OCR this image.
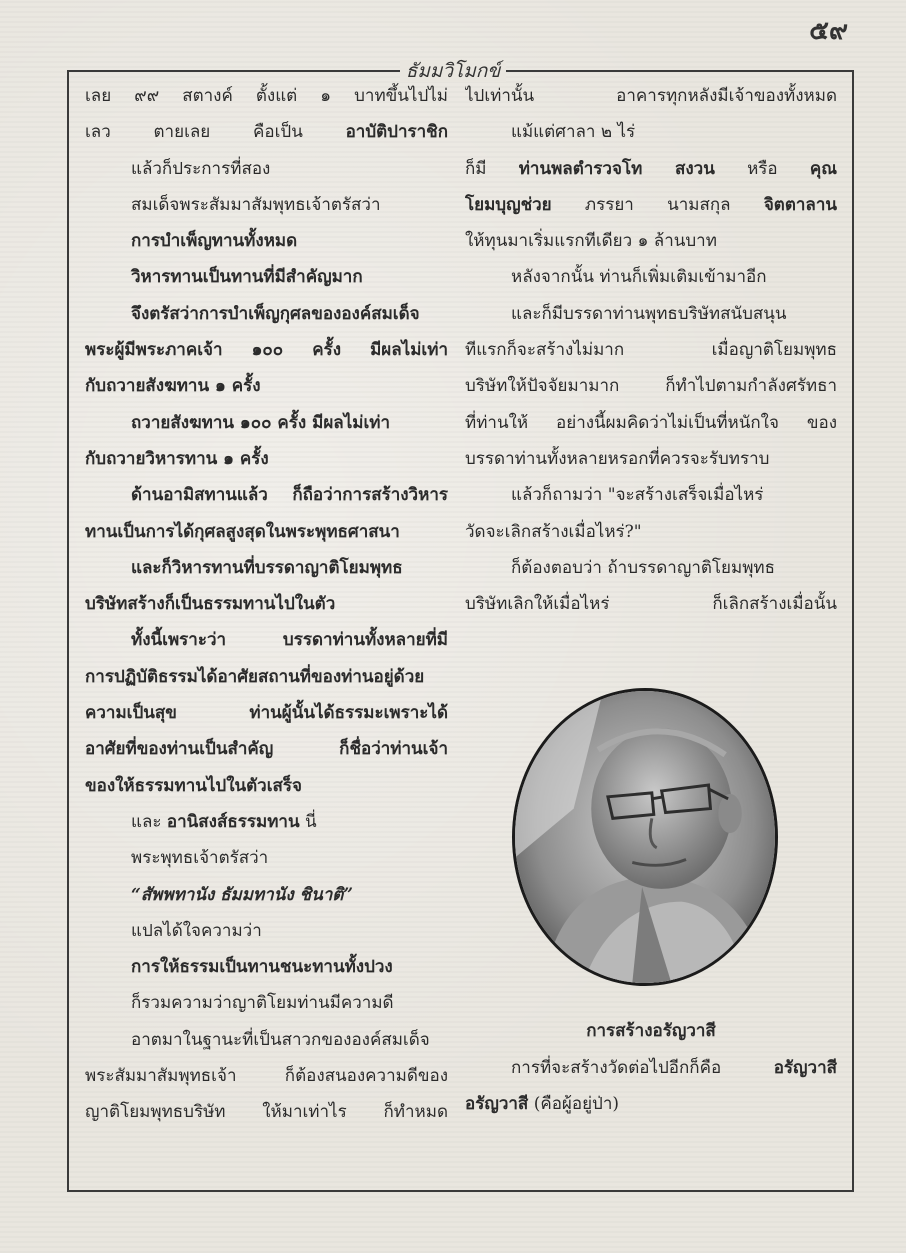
๕๙
ธัมมวิโมกข์
เลย ๙๙ สตางค์ ตั้งแต่ ๑ บาทขึ้นไปไม่
เลว ตายเลย คือเป็น อาบัติปาราชิก
แล้วก็ประการที่สอง
สมเด็จพระสัมมาสัมพุทธเจ้าตรัสว่า
การบำเพ็ญทานทั้งหมด
วิหารทานเป็นทานที่มีสำคัญมาก
จึงตรัสว่าการบำเพ็ญกุศลขององค์สมเด็จ
พระผู้มีพระภาคเจ้า ๑๐๐ ครั้ง มีผลไม่เท่า
กับถวายสังฆทาน ๑ ครั้ง
ถวายสังฆทาน ๑๐๐ ครั้ง มีผลไม่เท่า
กับถวายวิหารทาน ๑ ครั้ง
ด้านอามิสทานแล้ว ก็ถือว่าการสร้างวิหาร
ทานเป็นการได้กุศลสูงสุดในพระพุทธศาสนา
และก็วิหารทานที่บรรดาญาติโยมพุทธ
บริษัทสร้างก็เป็นธรรมทานไปในตัว
ทั้งนี้เพราะว่า บรรดาท่านทั้งหลายที่มี
การปฏิบัติธรรมได้อาศัยสถานที่ของท่านอยู่ด้วย
ความเป็นสุข ท่านผู้นั้นได้ธรรมะเพราะได้
อาศัยที่ของท่านเป็นสำคัญ ก็ชื่อว่าท่านเจ้า
ของให้ธรรมทานไปในตัวเสร็จ
และ อานิสงส์ธรรมทาน นี่
พระพุทธเจ้าตรัสว่า
“สัพพทานัง ธัมมทานัง ชินาติ”
แปลได้ใจความว่า
การให้ธรรมเป็นทานชนะทานทั้งปวง
ก็รวมความว่าญาติโยมท่านมีความดี
อาตมาในฐานะที่เป็นสาวกขององค์สมเด็จ
พระสัมมาสัมพุทธเจ้า ก็ต้องสนองความดีของ
ญาติโยมพุทธบริษัท ให้มาเท่าไร ก็ทำหมด
ไปเท่านั้น อาคารทุกหลังมีเจ้าของทั้งหมด
แม้แต่ศาลา ๒ ไร่
ก็มี ท่านพลตำรวจโท สงวน หรือ คุณ
โยมบุญช่วย ภรรยา นามสกุล จิตตาลาน
ให้ทุนมาเริ่มแรกทีเดียว ๑ ล้านบาท
หลังจากนั้น ท่านก็เพิ่มเติมเข้ามาอีก
และก็มีบรรดาท่านพุทธบริษัทสนับสนุน
ทีแรกก็จะสร้างไม่มาก เมื่อญาติโยมพุทธ
บริษัทให้ปัจจัยมามาก ก็ทำไปตามกำลังศรัทธา
ที่ท่านให้ อย่างนี้ผมคิดว่าไม่เป็นที่หนักใจ ของ
บรรดาท่านทั้งหลายหรอกที่ควรจะรับทราบ
แล้วก็ถามว่า "จะสร้างเสร็จเมื่อไหร่
วัดจะเลิกสร้างเมื่อไหร่?"
ก็ต้องตอบว่า ถ้าบรรดาญาติโยมพุทธ
บริษัทเลิกให้เมื่อไหร่ ก็เลิกสร้างเมื่อนั้น
การสร้างอรัญวาสี
การที่จะสร้างวัดต่อไปอีกก็คือ อรัญวาสี
อรัญวาสี (คือผู้อยู่ป่า)
